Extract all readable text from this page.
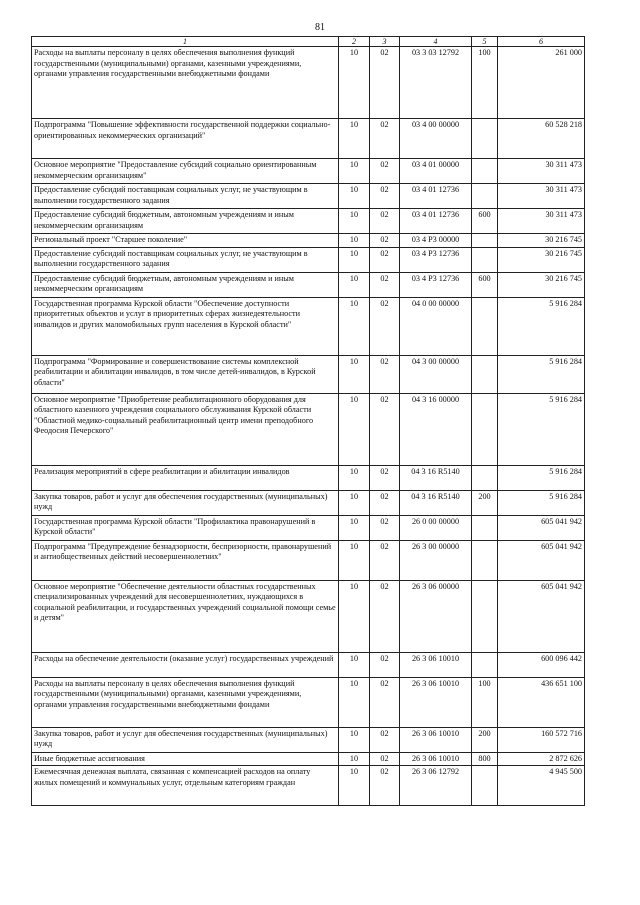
81
1	2	3	4	5	6
Расходы на выплаты персоналу в целях обеспечения выполнения функций государственными (муниципальными) органами, казенными учреждениями, органами управления государственными внебюджетными фондами	10	02	03 3 03 12792	100	261 000
Подпрограмма "Повышение эффективности государственной поддержки социально-ориентированных некоммерческих организаций"	10	02	03 4 00 00000		60 528 218
Основное мероприятие "Предоставление субсидий социально ориентированным некоммерческим организациям"	10	02	03 4 01 00000		30 311 473
Предоставление субсидий поставщикам социальных услуг, не участвующим в выполнении государственного задания	10	02	03 4 01 12736		30 311 473
Предоставление субсидий бюджетным, автономным учреждениям и иным некоммерческим организациям	10	02	03 4 01 12736	600	30 311 473
Региональный проект "Старшее поколение"	10	02	03 4 P3 00000		30 216 745
Предоставление субсидий поставщикам социальных услуг, не участвующим в выполнении государственного задания	10	02	03 4 P3 12736		30 216 745
Предоставление субсидий бюджетным, автономным учреждениям и иным некоммерческим организациям	10	02	03 4 P3 12736	600	30 216 745
Государственная программа Курской области "Обеспечение доступности приоритетных объектов и услуг в приоритетных сферах жизнедеятельности инвалидов и других маломобильных групп населения в Курской области"	10	02	04 0 00 00000		5 916 284
Подпрограмма "Формирование и совершенствование системы комплексной реабилитации и абилитации инвалидов, в том числе детей-инвалидов, в Курской области"	10	02	04 3 00 00000		5 916 284
Основное мероприятие "Приобретение реабилитационного оборудования для областного казенного учреждения социального обслуживания Курской области "Областной медико-социальный реабилитационный центр имени преподобного Феодосия Печерского"	10	02	04 3 16 00000		5 916 284
Реализация мероприятий в сфере реабилитации и абилитации инвалидов	10	02	04 3 16 R5140		5 916 284
Закупка товаров, работ и услуг для обеспечения государственных (муниципальных) нужд	10	02	04 3 16 R5140	200	5 916 284
Государственная программа Курской области "Профилактика правонарушений в Курской области"	10	02	26 0 00 00000		605 041 942
Подпрограмма "Предупреждение безнадзорности, беспризорности, правонарушений и антиобщественных действий несовершеннолетних"	10	02	26 3 00 00000		605 041 942
Основное мероприятие "Обеспечение деятельности областных государственных специализированных учреждений для несовершеннолетних, нуждающихся в социальной реабилитации, и государственных учреждений социальной помощи семье и детям"	10	02	26 3 06 00000		605 041 942
Расходы на обеспечение деятельности (оказание услуг) государственных учреждений	10	02	26 3 06 10010		600 096 442
Расходы на выплаты персоналу в целях обеспечения выполнения функций государственными (муниципальными) органами, казенными учреждениями, органами управления государственными внебюджетными фондами	10	02	26 3 06 10010	100	436 651 100
Закупка товаров, работ и услуг для обеспечения государственных (муниципальных) нужд	10	02	26 3 06 10010	200	160 572 716
Иные бюджетные ассигнования	10	02	26 3 06 10010	800	2 872 626
Ежемесячная денежная выплата, связанная с компенсацией расходов на оплату жилых помещений и коммунальных услуг, отдельным категориям граждан	10	02	26 3 06 12792		4 945 500
